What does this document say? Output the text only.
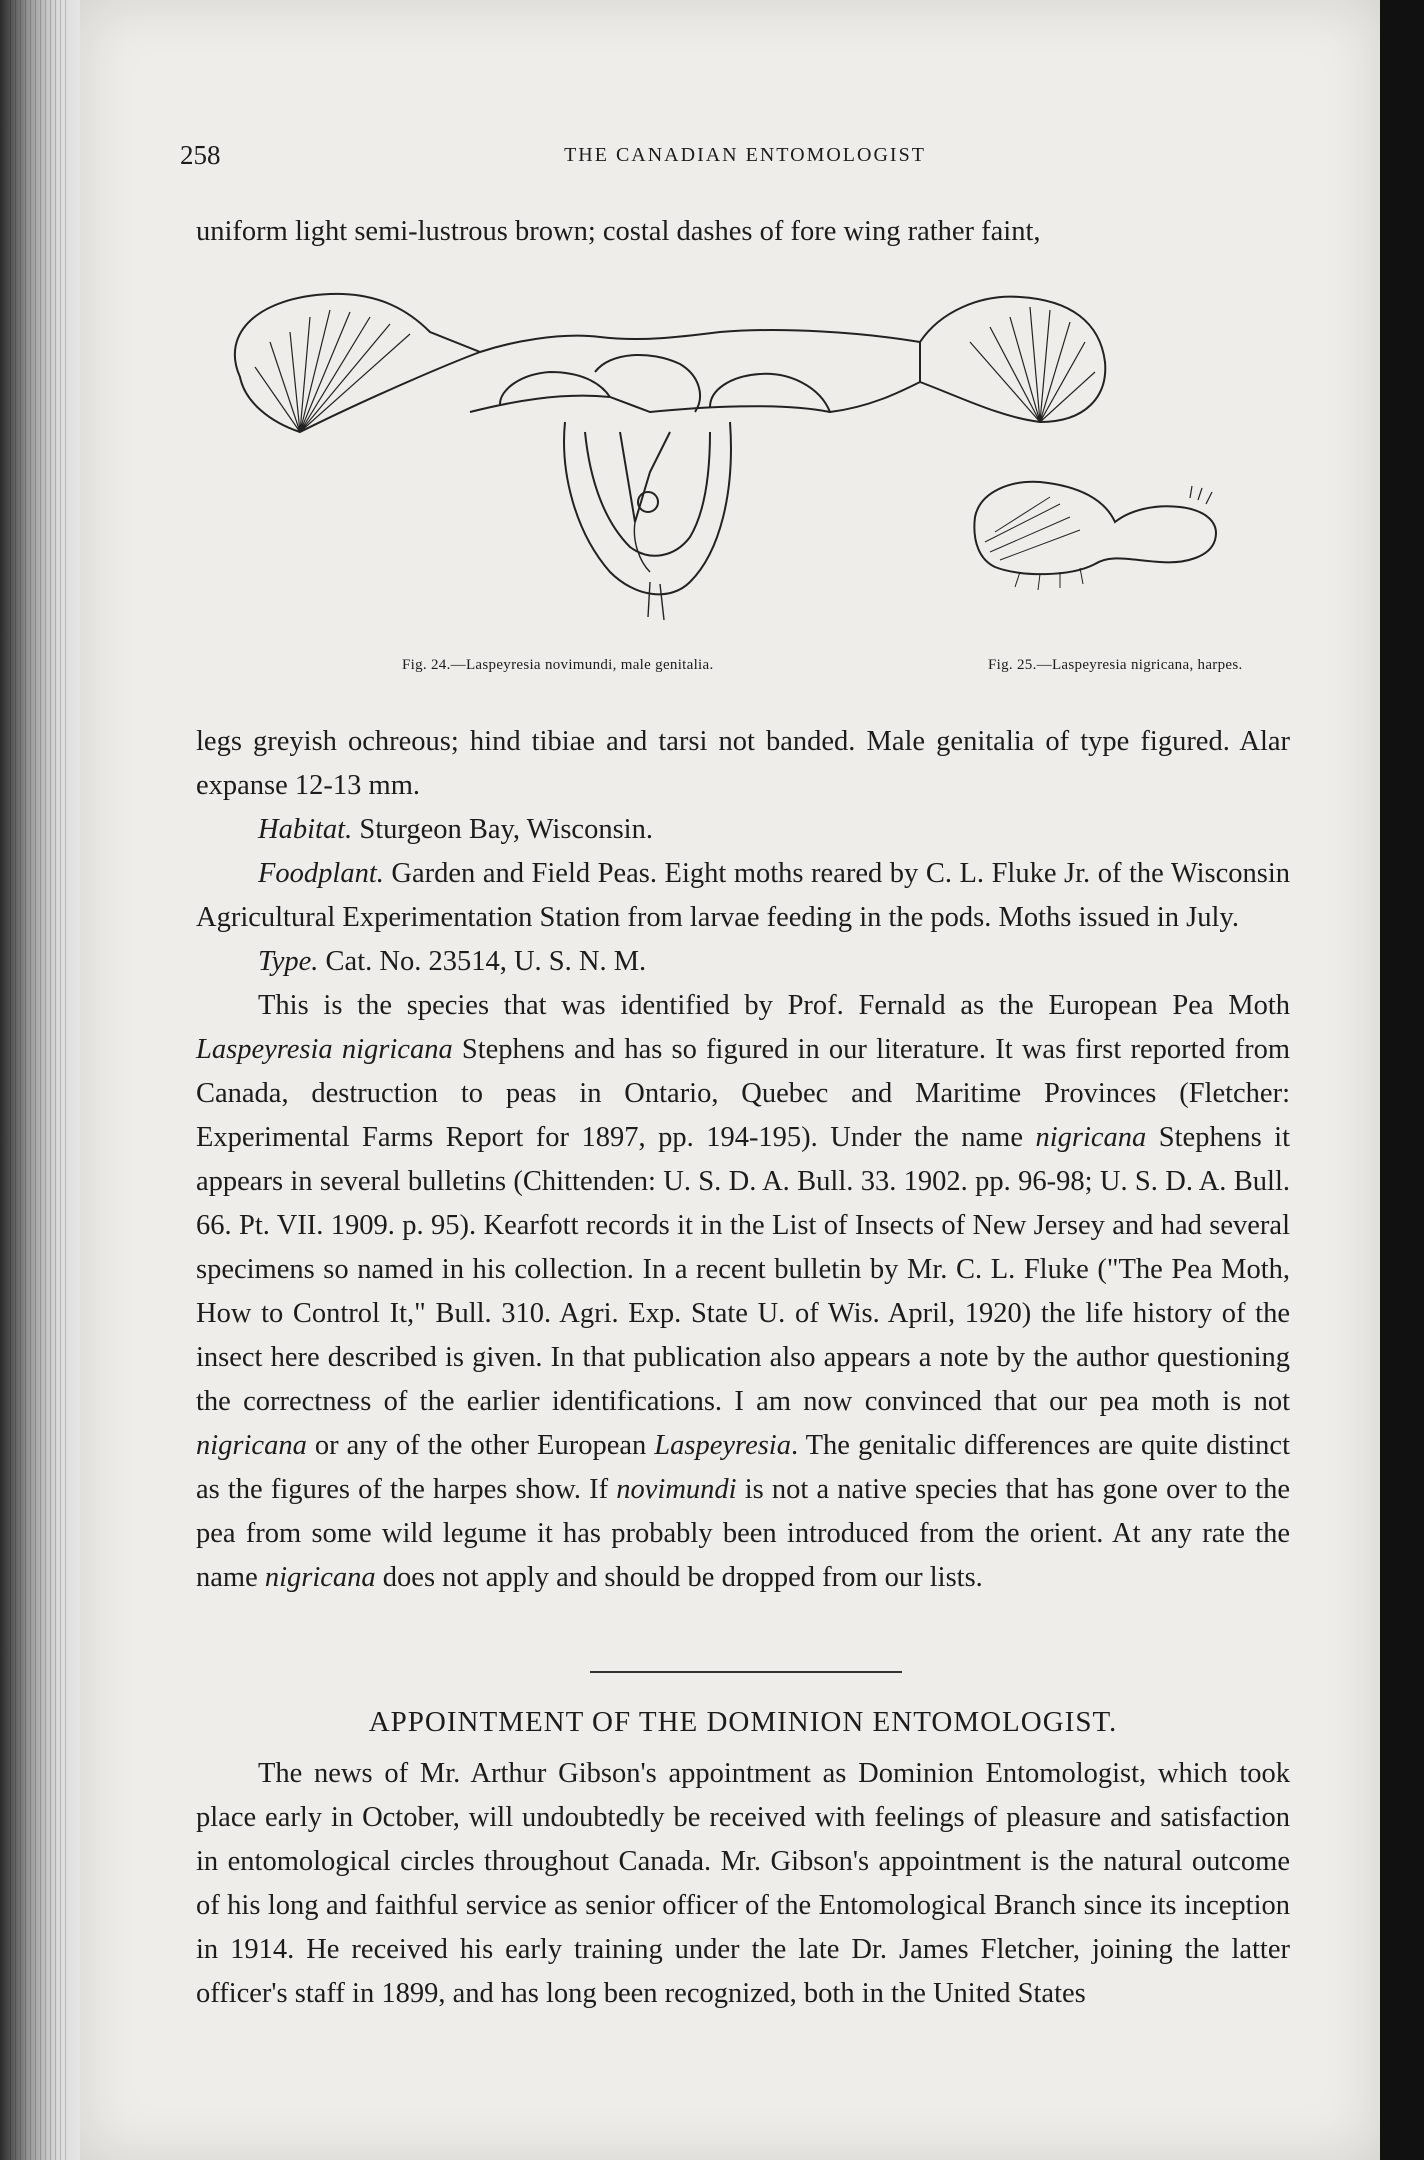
258	THE CANADIAN ENTOMOLOGIST

uniform light semi-lustrous brown; costal dashes of fore wing rather faint,

Fig. 24.—Laspeyresia novimundi, male genitalia.	Fig. 25.—Laspeyresia nigricana, harpes.

legs greyish ochreous; hind tibiae and tarsi not banded. Male genitalia of type figured. Alar expanse 12-13 mm.

Habitat. Sturgeon Bay, Wisconsin.

Foodplant. Garden and Field Peas. Eight moths reared by C. L. Fluke Jr. of the Wisconsin Agricultural Experimentation Station from larvae feeding in the pods. Moths issued in July.

Type. Cat. No. 23514, U. S. N. M.

This is the species that was identified by Prof. Fernald as the European Pea Moth Laspeyresia nigricana Stephens and has so figured in our literature. It was first reported from Canada, destruction to peas in Ontario, Quebec and Maritime Provinces (Fletcher: Experimental Farms Report for 1897, pp. 194-195). Under the name nigricana Stephens it appears in several bulletins (Chittenden: U. S. D. A. Bull. 33. 1902. pp. 96-98; U. S. D. A. Bull. 66. Pt. VII. 1909. p. 95). Kearfott records it in the List of Insects of New Jersey and had several specimens so named in his collection. In a recent bulletin by Mr. C. L. Fluke ("The Pea Moth, How to Control It," Bull. 310. Agri. Exp. State U. of Wis. April, 1920) the life history of the insect here described is given. In that publication also appears a note by the author questioning the correctness of the earlier identifications. I am now convinced that our pea moth is not nigricana or any of the other European Laspeyresia. The genitalic differences are quite distinct as the figures of the harpes show. If novimundi is not a native species that has gone over to the pea from some wild legume it has probably been introduced from the orient. At any rate the name nigricana does not apply and should be dropped from our lists.

APPOINTMENT OF THE DOMINION ENTOMOLOGIST.

The news of Mr. Arthur Gibson's appointment as Dominion Entomologist, which took place early in October, will undoubtedly be received with feelings of pleasure and satisfaction in entomological circles throughout Canada. Mr. Gibson's appointment is the natural outcome of his long and faithful service as senior officer of the Entomological Branch since its inception in 1914. He received his early training under the late Dr. James Fletcher, joining the latter officer's staff in 1899, and has long been recognized, both in the United States
